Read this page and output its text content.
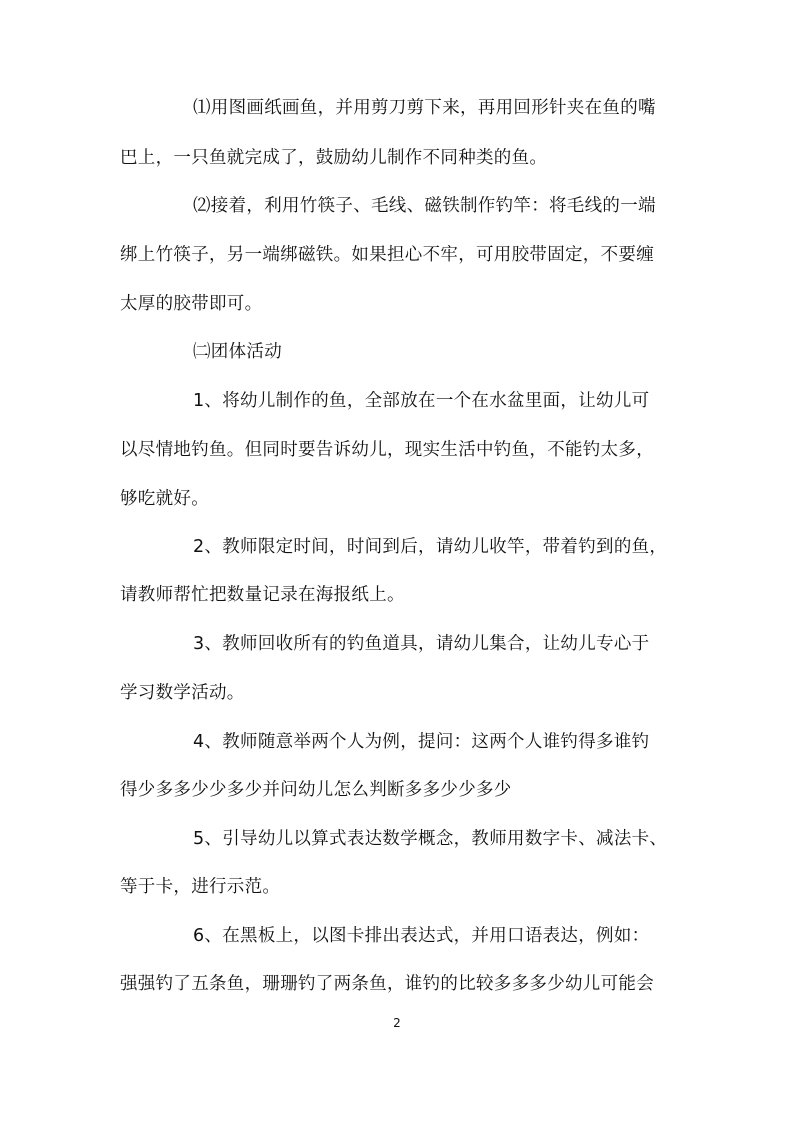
⑴用图画纸画鱼，并用剪刀剪下来，再用回形针夹在鱼的嘴
巴上，一只鱼就完成了，鼓励幼儿制作不同种类的鱼。
⑵接着，利用竹筷子、毛线、磁铁制作钓竿：将毛线的一端
绑上竹筷子，另一端绑磁铁。如果担心不牢，可用胶带固定，不要缠
太厚的胶带即可。
㈡团体活动
1、将幼儿制作的鱼，全部放在一个在水盆里面，让幼儿可
以尽情地钓鱼。但同时要告诉幼儿，现实生活中钓鱼，不能钓太多，
够吃就好。
2、教师限定时间，时间到后，请幼儿收竿，带着钓到的鱼，
请教师帮忙把数量记录在海报纸上。
3、教师回收所有的钓鱼道具，请幼儿集合，让幼儿专心于
学习数学活动。
4、教师随意举两个人为例，提问：这两个人谁钓得多谁钓
得少多多少少多少并问幼儿怎么判断多多少少多少
5、引导幼儿以算式表达数学概念，教师用数字卡、减法卡、
等于卡，进行示范。
6、在黑板上，以图卡排出表达式，并用口语表达，例如：
强强钓了五条鱼，珊珊钓了两条鱼，谁钓的比较多多多少幼儿可能会
2
